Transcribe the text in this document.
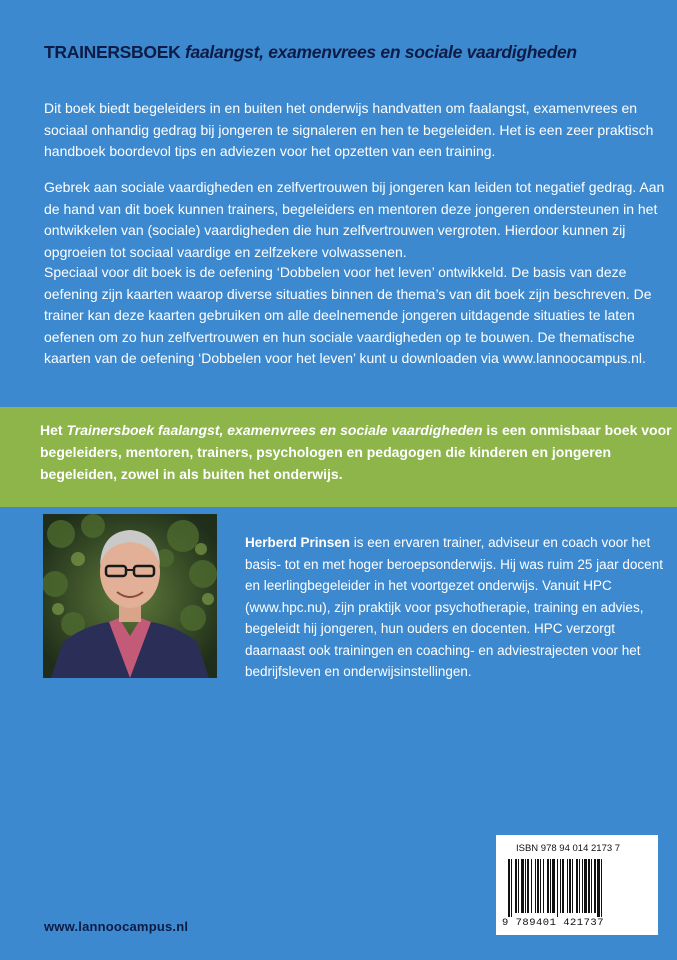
TRAINERSBOEK faalangst, examenvrees en sociale vaardigheden

Dit boek biedt begeleiders in en buiten het onderwijs handvatten om faalangst, examenvrees en sociaal onhandig gedrag bij jongeren te signaleren en hen te begeleiden. Het is een zeer praktisch handboek boordevol tips en adviezen voor het opzetten van een training.

Gebrek aan sociale vaardigheden en zelfvertrouwen bij jongeren kan leiden tot negatief gedrag. Aan de hand van dit boek kunnen trainers, begeleiders en mentoren deze jongeren ondersteunen in het ontwikkelen van (sociale) vaardigheden die hun zelfvertrouwen vergroten. Hierdoor kunnen zij opgroeien tot sociaal vaardige en zelfzekere volwassenen.

Speciaal voor dit boek is de oefening ‘Dobbelen voor het leven’ ontwikkeld. De basis van deze oefening zijn kaarten waarop diverse situaties binnen de thema’s van dit boek zijn beschreven. De trainer kan deze kaarten gebruiken om alle deelnemende jongeren uitdagende situaties te laten oefenen om zo hun zelfvertrouwen en hun sociale vaardigheden op te bouwen. De thematische kaarten van de oefening ‘Dobbelen voor het leven’ kunt u downloaden via www.lannoocampus.nl.

Het Trainersboek faalangst, examenvrees en sociale vaardigheden is een onmisbaar boek voor begeleiders, mentoren, trainers, psychologen en pedagogen die kinderen en jongeren begeleiden, zowel in als buiten het onderwijs.

Herberd Prinsen is een ervaren trainer, adviseur en coach voor het basis- tot en met hoger beroepsonderwijs. Hij was ruim 25 jaar docent en leerlingbegeleider in het voortgezet onderwijs. Vanuit HPC (www.hpc.nu), zijn praktijk voor psychotherapie, training en advies, begeleidt hij jongeren, hun ouders en docenten. HPC verzorgt daarnaast ook trainingen en coaching- en adviestrajecten voor het bedrijfsleven en onderwijsinstellingen.

ISBN 978 94 014 2173 7
9 789401 421737
www.lannoocampus.nl
